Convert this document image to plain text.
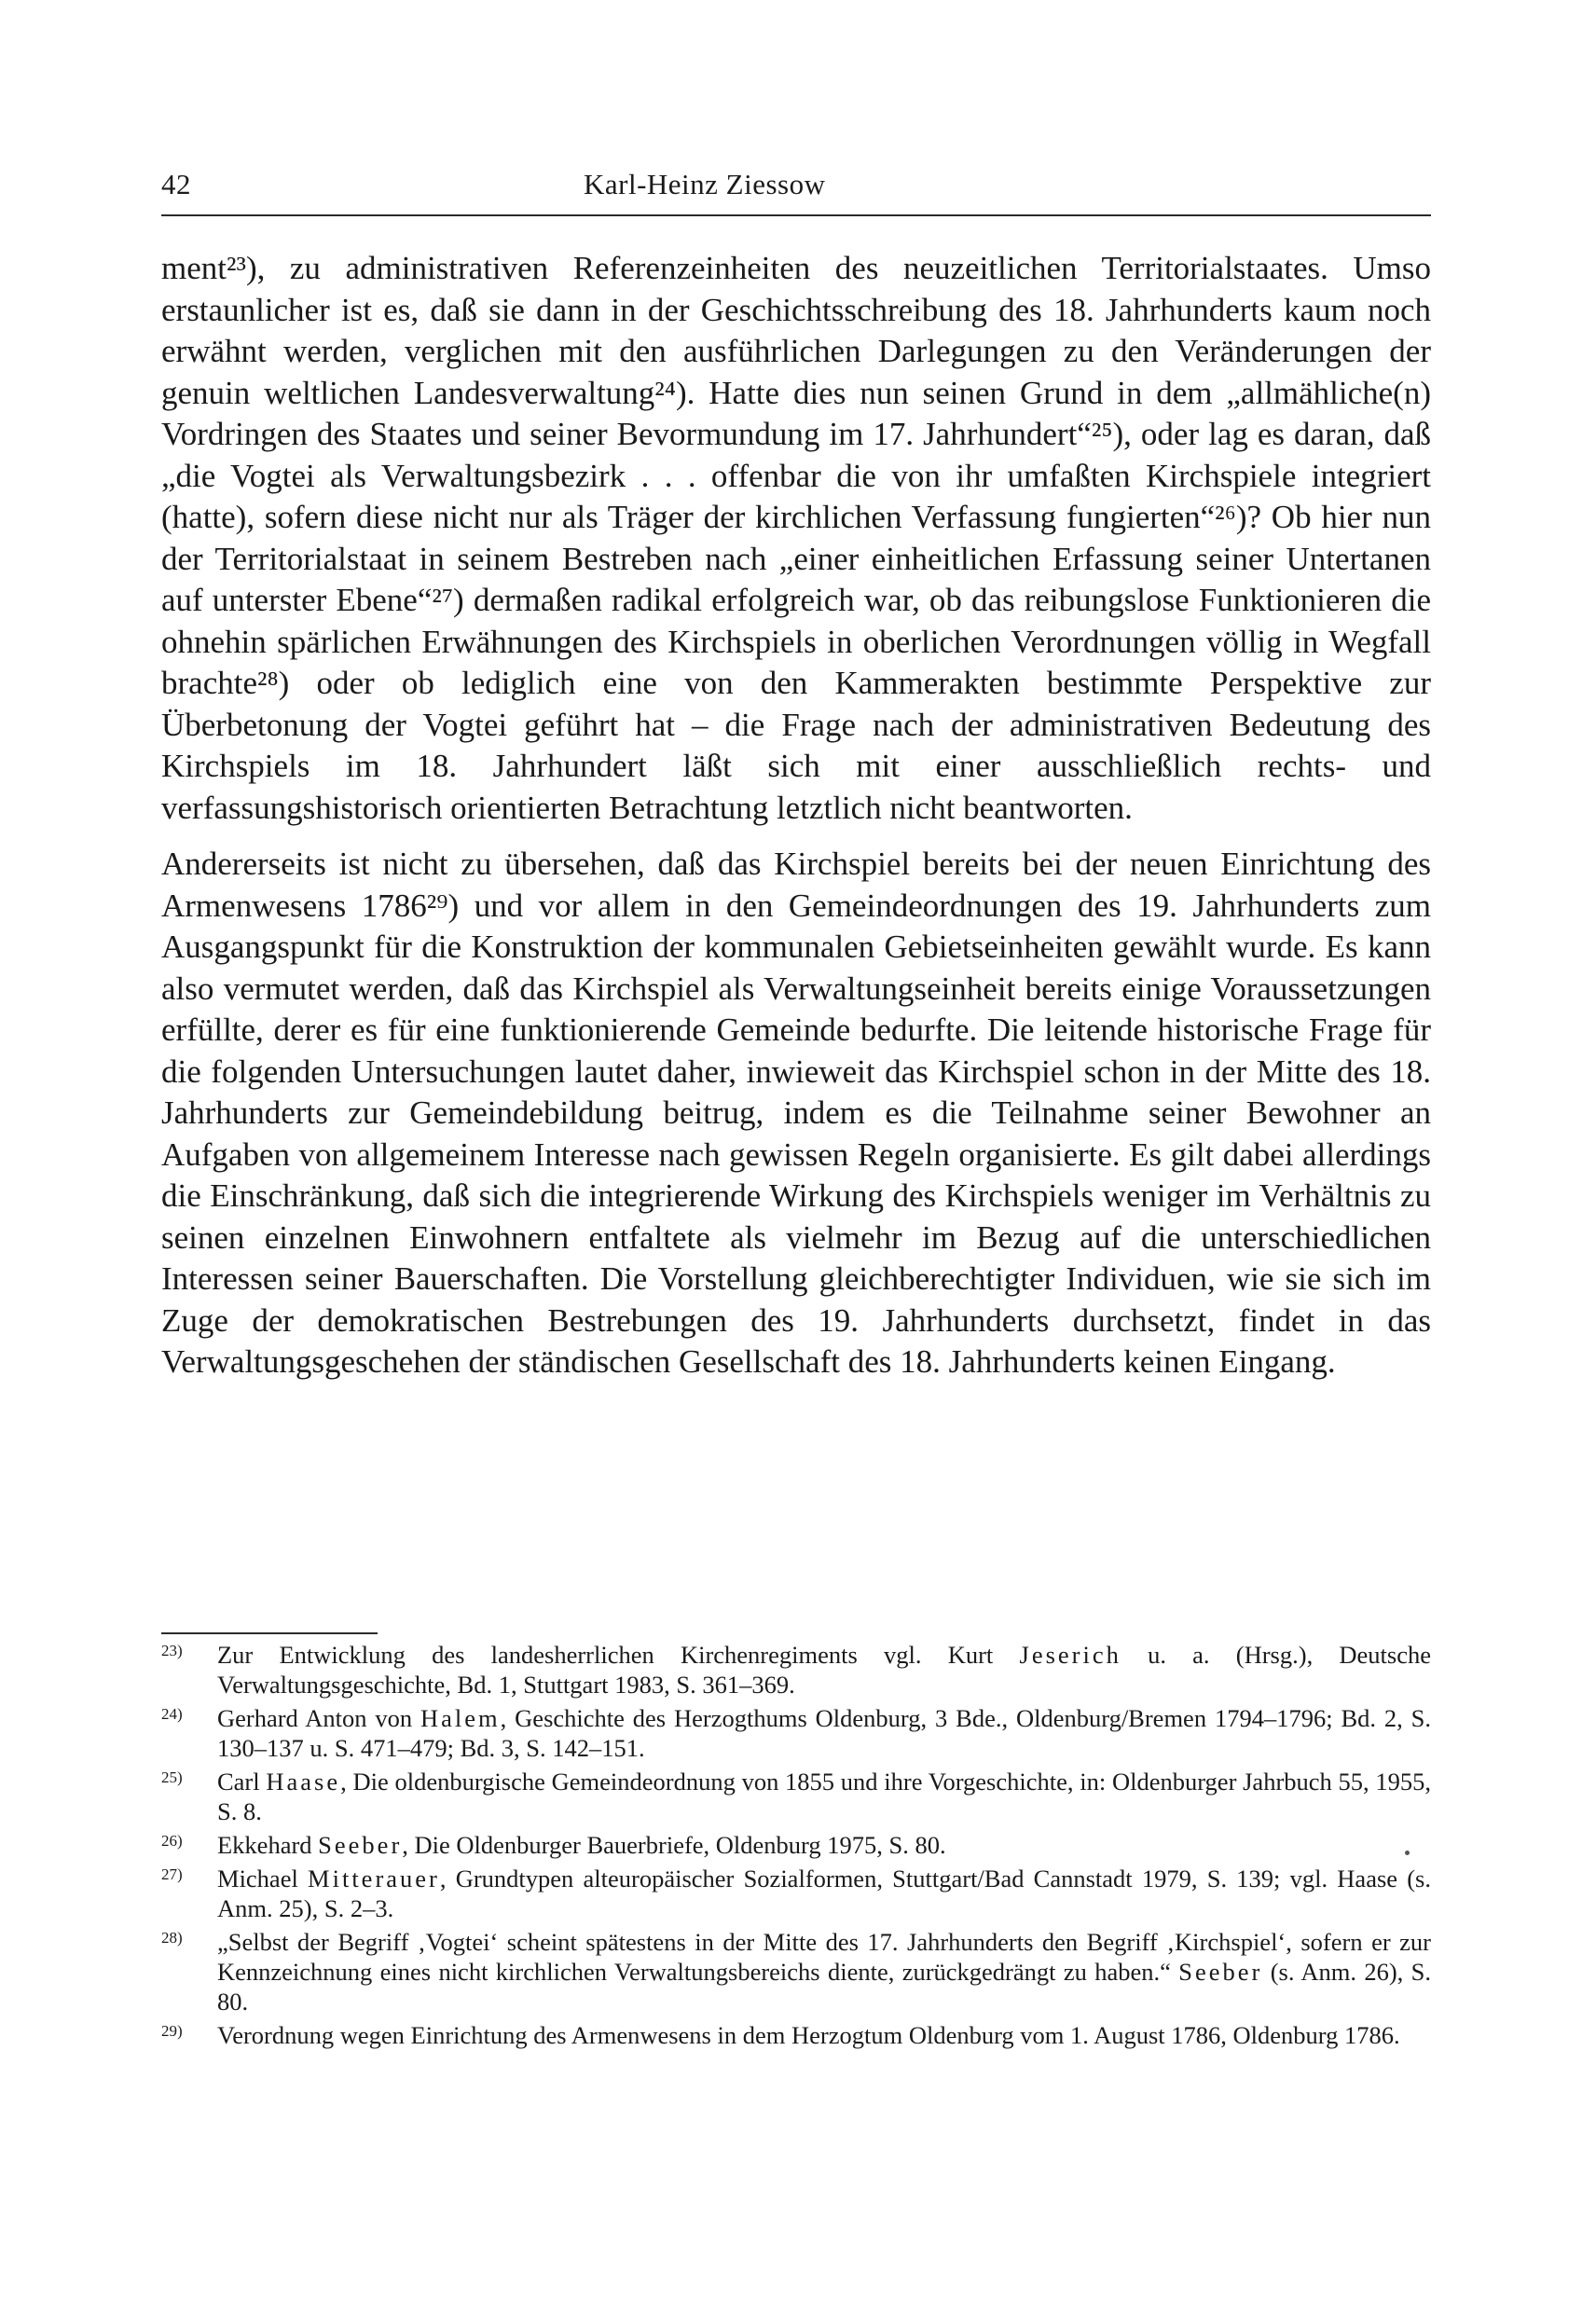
42	Karl-Heinz Ziessow

ment²³), zu administrativen Referenzeinheiten des neuzeitlichen Territorialstaates. Umso erstaunlicher ist es, daß sie dann in der Geschichtsschreibung des 18. Jahrhunderts kaum noch erwähnt werden, verglichen mit den ausführlichen Darlegungen zu den Veränderungen der genuin weltlichen Landesverwaltung²⁴). Hatte dies nun seinen Grund in dem „allmähliche(n) Vordringen des Staates und seiner Bevormundung im 17. Jahrhundert“²⁵), oder lag es daran, daß „die Vogtei als Verwaltungsbezirk . . . offenbar die von ihr umfaßten Kirchspiele integriert (hatte), sofern diese nicht nur als Träger der kirchlichen Verfassung fungierten“²⁶)? Ob hier nun der Territorialstaat in seinem Bestreben nach „einer einheitlichen Erfassung seiner Untertanen auf unterster Ebene“²⁷) dermaßen radikal erfolgreich war, ob das reibungslose Funktionieren die ohnehin spärlichen Erwähnungen des Kirchspiels in oberlichen Verordnungen völlig in Wegfall brachte²⁸) oder ob lediglich eine von den Kammerakten bestimmte Perspektive zur Überbetonung der Vogtei geführt hat – die Frage nach der administrativen Bedeutung des Kirchspiels im 18. Jahrhundert läßt sich mit einer ausschließlich rechts- und verfassungshistorisch orientierten Betrachtung letztlich nicht beantworten.

Andererseits ist nicht zu übersehen, daß das Kirchspiel bereits bei der neuen Einrichtung des Armenwesens 1786²⁹) und vor allem in den Gemeindeordnungen des 19. Jahrhunderts zum Ausgangspunkt für die Konstruktion der kommunalen Gebietseinheiten gewählt wurde. Es kann also vermutet werden, daß das Kirchspiel als Verwaltungseinheit bereits einige Voraussetzungen erfüllte, derer es für eine funktionierende Gemeinde bedurfte. Die leitende historische Frage für die folgenden Untersuchungen lautet daher, inwieweit das Kirchspiel schon in der Mitte des 18. Jahrhunderts zur Gemeindebildung beitrug, indem es die Teilnahme seiner Bewohner an Aufgaben von allgemeinem Interesse nach gewissen Regeln organisierte. Es gilt dabei allerdings die Einschränkung, daß sich die integrierende Wirkung des Kirchspiels weniger im Verhältnis zu seinen einzelnen Einwohnern entfaltete als vielmehr im Bezug auf die unterschiedlichen Interessen seiner Bauerschaften. Die Vorstellung gleichberechtigter Individuen, wie sie sich im Zuge der demokratischen Bestrebungen des 19. Jahrhunderts durchsetzt, findet in das Verwaltungsgeschehen der ständischen Gesellschaft des 18. Jahrhunderts keinen Eingang.

23) Zur Entwicklung des landesherrlichen Kirchenregiments vgl. Kurt Jeserich u. a. (Hrsg.), Deutsche Verwaltungsgeschichte, Bd. 1, Stuttgart 1983, S. 361–369.

24) Gerhard Anton von Halem, Geschichte des Herzogthums Oldenburg, 3 Bde., Oldenburg/Bremen 1794–1796; Bd. 2, S. 130–137 u. S. 471–479; Bd. 3, S. 142–151.

25) Carl Haase, Die oldenburgische Gemeindeordnung von 1855 und ihre Vorgeschichte, in: Oldenburger Jahrbuch 55, 1955, S. 8.

26) Ekkehard Seeber, Die Oldenburger Bauerbriefe, Oldenburg 1975, S. 80.

27) Michael Mitterauer, Grundtypen alteuropäischer Sozialformen, Stuttgart/Bad Cannstadt 1979, S. 139; vgl. Haase (s. Anm. 25), S. 2–3.

28) „Selbst der Begriff ‚Vogtei‘ scheint spätestens in der Mitte des 17. Jahrhunderts den Begriff ‚Kirchspiel‘, sofern er zur Kennzeichnung eines nicht kirchlichen Verwaltungsbereichs diente, zurückgedrängt zu haben.“ Seeber (s. Anm. 26), S. 80.

29) Verordnung wegen Einrichtung des Armenwesens in dem Herzogtum Oldenburg vom 1. August 1786, Oldenburg 1786.
